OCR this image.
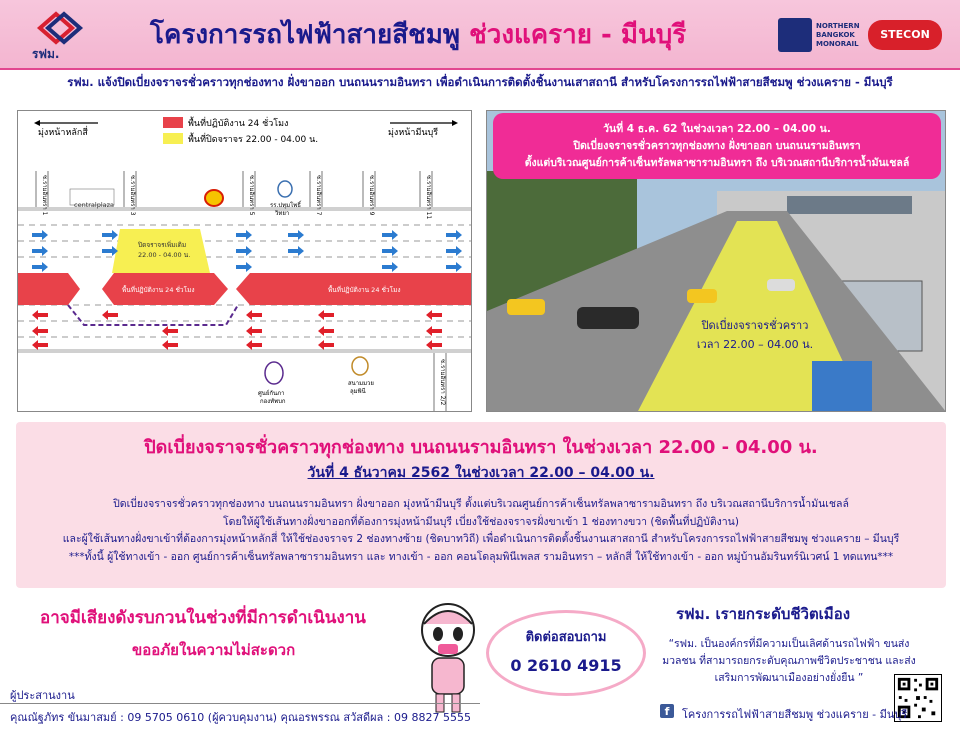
รฟม.
โครงการรถไฟฟ้าสายสีชมพู ช่วงแคราย - มีนบุรี	NORTHERN
BANGKOK
MONORAIL
STECON
รฟม. แจ้งปิดเบี่ยงจราจรชั่วคราวทุกช่องทาง ฝั่งขาออก บนถนนรามอินทรา เพื่อดำเนินการติดตั้งชิ้นงานเสาสถานี สำหรับโครงการรถไฟฟ้าสายสีชมพู ช่วงแคราย - มีนบุรี
มุ่งหน้าหลักสี่	มุ่งหน้ามีนบุรี
พื้นที่ปฏิบัติงาน 24 ชั่วโมง
พื้นที่ปิดจราจร 22.00 - 04.00 น.
ซ.รามอินทรา 1	ซ.รามอินทรา 3	ซ.รามอินทรา 5	ซ.รามอินทรา 7	ซ.รามอินทรา 9	ซ.รามอินทรา 11
centralplaza	รร.ปทุมโพธิ์
วิทยา
ปิดจราจรเพิ่มเติม
22.00 - 04.00 น.
พื้นที่ปฏิบัติงาน 24 ชั่วโมง	พื้นที่ปฏิบัติงาน 24 ชั่วโมง
ซ.รามอินทรา 2/2
ศูนย์กันภา
กองทัพบก
สนามมวย
ลุมพินี
วันที่ 4 ธ.ค. 62 ในช่วงเวลา 22.00 – 04.00 น.
ปิดเบี่ยงจราจรชั่วคราวทุกช่องทาง ฝั่งขาออก บนถนนรามอินทรา
ตั้งแต่บริเวณศูนย์การค้าเซ็นทรัลพลาซารามอินทรา ถึง บริเวณสถานีบริการน้ำมันเชลล์
ปิดเบี่ยงจราจรชั่วคราว
เวลา 22.00 – 04.00 น.
ปิดเบี่ยงจราจรชั่วคราวทุกช่องทาง บนถนนรามอินทรา ในช่วงเวลา 22.00 - 04.00 น.
วันที่ 4 ธันวาคม 2562 ในช่วงเวลา 22.00 – 04.00 น.
ปิดเบี่ยงจราจรชั่วคราวทุกช่องทาง บนถนนรามอินทรา ฝั่งขาออก มุ่งหน้ามีนบุรี ตั้งแต่บริเวณศูนย์การค้าเซ็นทรัลพลาซารามอินทรา ถึง บริเวณสถานีบริการน้ำมันเชลล์
โดยให้ผู้ใช้เส้นทางฝั่งขาออกที่ต้องการมุ่งหน้ามีนบุรี เบี่ยงใช้ช่องจราจรฝั่งขาเข้า 1 ช่องทางขวา (ชิดพื้นที่ปฏิบัติงาน)
และผู้ใช้เส้นทางฝั่งขาเข้าที่ต้องการมุ่งหน้าหลักสี่ ให้ใช้ช่องจราจร 2 ช่องทางซ้าย (ชิดบาทวิถี) เพื่อดำเนินการติดตั้งชิ้นงานเสาสถานี สำหรับโครงการรถไฟฟ้าสายสีชมพู ช่วงแคราย – มีนบุรี
***ทั้งนี้ ผู้ใช้ทางเข้า - ออก ศูนย์การค้าเซ็นทรัลพลาซารามอินทรา และ ทางเข้า - ออก คอนโดลุมพินีเพลส รามอินทรา – หลักสี่ ให้ใช้ทางเข้า - ออก หมู่บ้านอัมรินทร์นิเวศน์ 1 ทดแทน***
อาจมีเสียงดังรบกวนในช่วงที่มีการดำเนินงาน
ขออภัยในความไม่สะดวก
ติดต่อสอบถาม
0 2610 4915
รฟม. เรายกระดับชีวิตเมือง
“รฟม. เป็นองค์กรที่มีความเป็นเลิศด้านรถไฟฟ้า ขนส่งมวลชน ที่สามารถยกระดับคุณภาพชีวิตประชาชน และส่งเสริมการพัฒนาเมืองอย่างยั่งยืน ”
ผู้ประสานงาน
คุณณัฐภัทร ขันมาสมย์ : 09 5705 0610 (ผู้ควบคุมงาน) คุณอรพรรณ สวัสดีผล : 09 8827 5555	f	โครงการรถไฟฟ้าสายสีชมพู ช่วงแคราย - มีนบุรี
